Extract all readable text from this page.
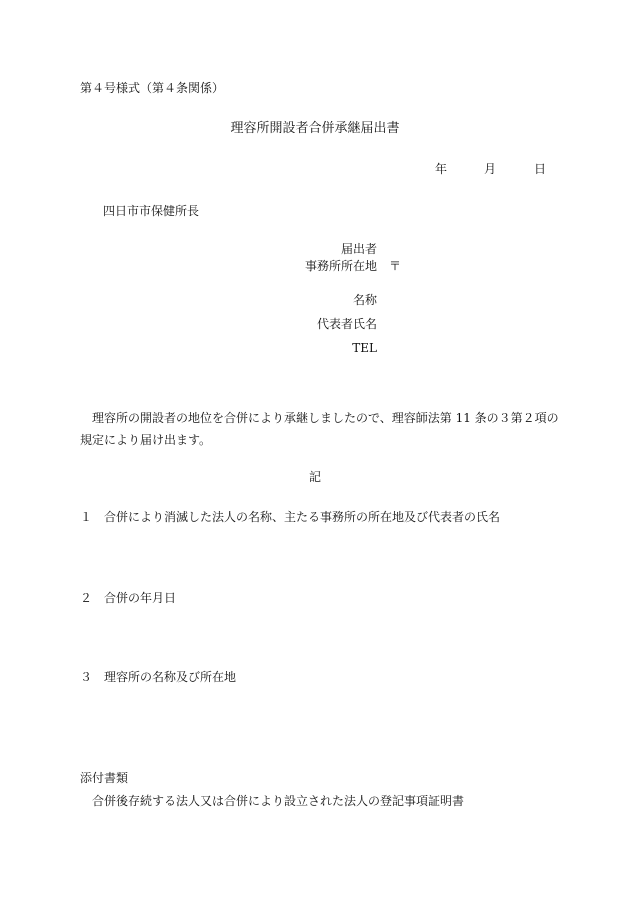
第４号様式（第４条関係）
理容所開設者合併承継届出書
年	月	日
四日市市保健所長
届出者
事務所所在地 〒
名称
代表者氏名
TEL
理容所の開設者の地位を合併により承継しましたので、理容師法第 11 条の３第２項の規定により届け出ます。
記
１ 合併により消滅した法人の名称、主たる事務所の所在地及び代表者の氏名
２ 合併の年月日
３ 理容所の名称及び所在地
添付書類
合併後存続する法人又は合併により設立された法人の登記事項証明書
